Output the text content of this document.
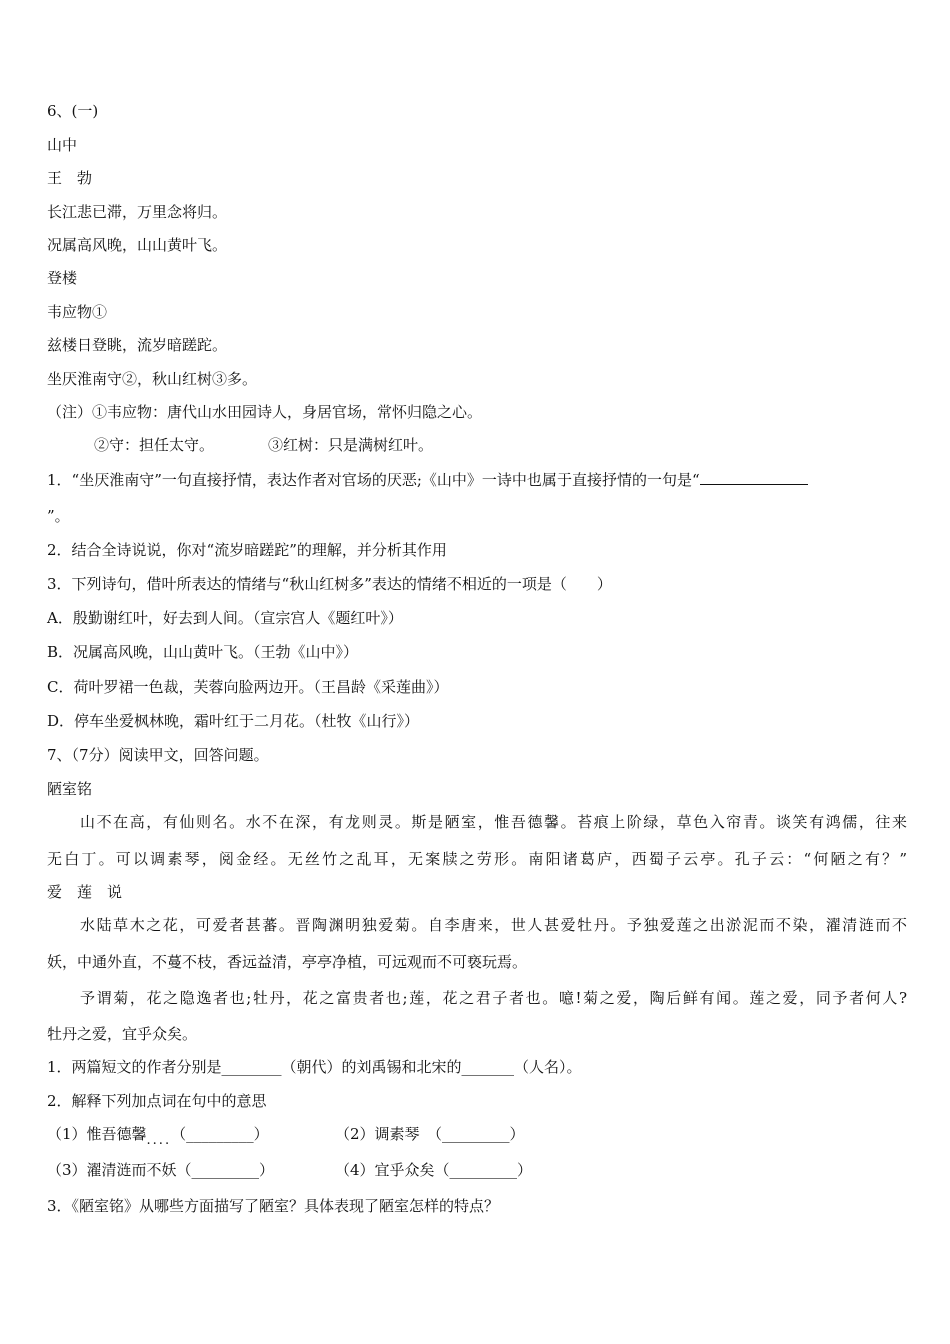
6、(一)
山中
王　勃
长江悲已滞，万里念将归。
况属高风晚，山山黄叶飞。
登楼
韦应物①
兹楼日登眺，流岁暗蹉跎。
坐厌淮南守②，秋山红树③多。
（注）①韦应物：唐代山水田园诗人，身居官场，常怀归隐之心。
②守：担任太守。	③红树：只是满树红叶。
1．“坐厌淮南守”一句直接抒情，表达作者对官场的厌恶;《山中》一诗中也属于直接抒情的一句是“
”。
2．结合全诗说说，你对“流岁暗蹉跎”的理解，并分析其作用
3．下列诗句，借叶所表达的情绪与“秋山红树多”表达的情绪不相近的一项是（　　）
A．殷勤谢红叶，好去到人间。（宣宗宫人《题红叶》）
B．况属高风晚，山山黄叶飞。（王勃《山中》）
C．荷叶罗裙一色裁，芙蓉向脸两边开。（王昌龄《采莲曲》）
D．停车坐爱枫林晚，霜叶红于二月花。（杜牧《山行》）
7、（7分）阅读甲文，回答问题。
陋室铭
山不在高，有仙则名。水不在深，有龙则灵。斯是陋室，惟吾德馨。苔痕上阶绿，草色入帘青。谈笑有鸿儒，往来
无白丁。可以调素琴，阅金经。无丝竹之乱耳，无案牍之劳形。南阳诸葛庐，西蜀子云亭。孔子云：“何陋之有？”
爱　莲　说
水陆草木之花，可爱者甚蕃。晋陶渊明独爱菊。自李唐来，世人甚爱牡丹。予独爱莲之出淤泥而不染，濯清涟而不
妖，中通外直，不蔓不枝，香远益清，亭亭净植，可远观而不可亵玩焉。
予谓菊，花之隐逸者也;牡丹，花之富贵者也;莲，花之君子者也。噫!菊之爱，陶后鲜有闻。莲之爱，同予者何人?
牡丹之爱，宜乎众矣。
1．两篇短文的作者分别是________（朝代）的刘禹锡和北宋的_______（人名）。
2．解释下列加点词在句中的意思
（1）惟吾德馨....（_________）	（2）调素琴　（_________）
（3）濯清涟而不妖（_________）	（4）宜乎众矣（_________）
3．《陋室铭》从哪些方面描写了陋室？具体表现了陋室怎样的特点？
